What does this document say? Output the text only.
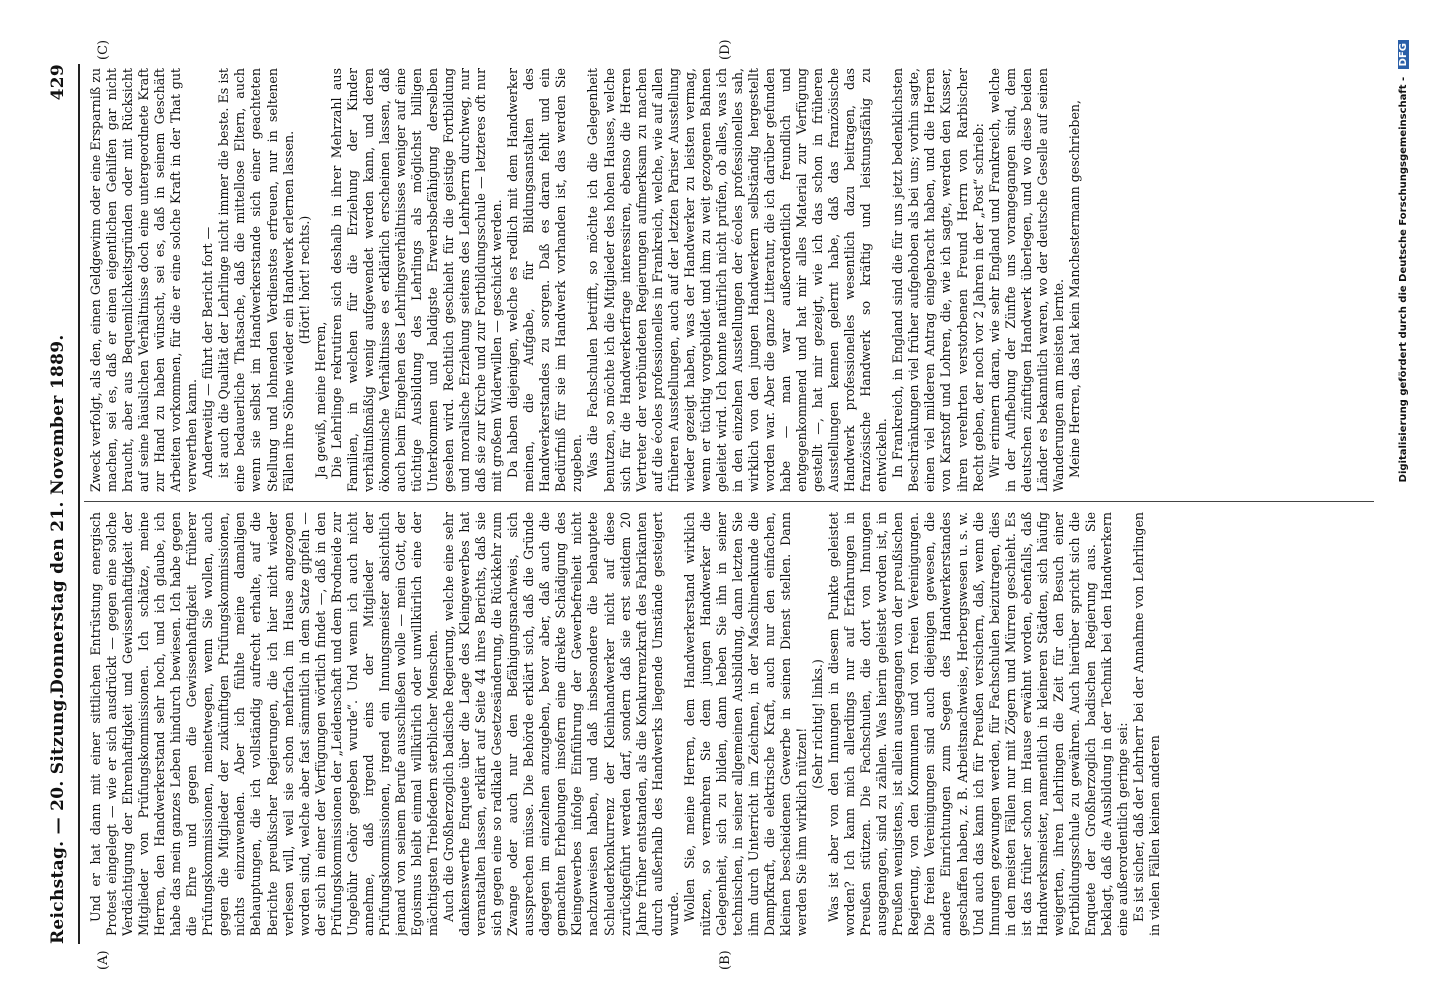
Reichstag. — 20. Sitzung.
Donnerstag den 21. November 1889.
429
(A)	(B)
(C)	(D)

Und er hat dann mit einer sittlichen Entrüstung energisch Protest eingelegt — wie er sich ausdrückt — gegen eine solche Verdächtigung der Ehrenhaftigkeit und Gewissenhaftigkeit der Mitglieder von Prüfungskommissionen. Ich schätze, meine Herren, den Handwerkerstand sehr hoch, und ich glaube, ich habe das mein ganzes Leben hindurch bewiesen. Ich habe gegen die Ehre und gegen die Gewissenhaftigkeit früherer Prüfungskommissionen, meinetwegen, wenn Sie wollen, auch gegen die Mitglieder der zukünftigen Prüfungskommissionen, nichts einzuwenden. Aber ich fühlte meine damaligen Behauptungen, die ich vollständig aufrecht erhalte, auf die Berichte preußischer Regierungen, die ich hier nicht wieder verlesen will, weil sie schon mehrfach im Hause angezogen worden sind, welche aber fast sämmtlich in dem Satze gipfeln — der sich in einer der Verfügungen wörtlich findet —, daß in den Prüfungskommissionen der „Leidenschaft und dem Brodneide zur Ungebühr Gehör gegeben wurde“. Und wenn ich auch nicht annehme, daß irgend eins der Mitglieder der Prüfungskommissionen, irgend ein Innungsmeister absichtlich jemand von seinem Berufe ausschließen wolle — mein Gott, der Egoismus bleibt einmal willkürlich oder unwillkürlich eine der mächtigsten Triebfedern sterblicher Menschen. Auch die Großherzoglich badische Regierung, welche eine sehr dankenswerthe Enquete über die Lage des Kleingewerbes hat veranstalten lassen, erklärt auf Seite 44 ihres Berichts, daß sie sich gegen eine so radikale Gesetzesänderung, die Rückkehr zum Zwange oder auch nur den Befähigungsnachweis, sich aussprechen müsse. Die Behörde erklärt sich, daß die Gründe dagegen im einzelnen anzugeben, bevor aber, daß auch die gemachten Erhebungen insofern eine direkte Schädigung des Kleingewerbes infolge Einführung der Gewerbefreiheit nicht nachzuweisen haben, und daß insbesondere die behauptete Schleuderkonkurrenz der Kleinhandwerker nicht auf diese zurückgeführt werden darf, sondern daß sie erst seitdem 20 Jahre früher entstanden, als die Konkurrenzkraft des Fabrikanten durch außerhalb des Handwerks liegende Umstände gesteigert wurde. Wollen Sie, meine Herren, dem Handwerkerstand wirklich nützen, so vermehren Sie dem jungen Handwerker die Gelegenheit, sich zu bilden, dann heben Sie ihn in seiner technischen, in seiner allgemeinen Ausbildung, dann letzten Sie ihm durch Unterricht im Zeichnen, in der Maschinenkunde die Dampfkraft, die elektrische Kraft, auch nur den einfachen, kleinen bescheidenen Gewerbe in seinen Dienst stellen. Dann werden Sie ihm wirklich nützen!

(Sehr richtig! links.) Was ist aber von den Innungen in diesem Punkte geleistet worden? Ich kann mich allerdings nur auf Erfahrungen in Preußen stützen. Die Fachschulen, die dort von Innungen ausgegangen, sind zu zählen. Was hierin geleistet worden ist, in Preußen wenigstens, ist allein ausgegangen von der preußischen Regierung, von den Kommunen und von freien Vereinigungen. Die freien Vereinigungen sind auch diejenigen gewesen, die andere Einrichtungen zum Segen des Handwerkerstandes geschaffen haben, z. B. Arbeitsnachweise, Herbergswesen u. s. w. Und auch das kann ich für Preußen versichern, daß, wenn die Innungen gezwungen werden, für Fachschulen beizutragen, dies in den meisten Fällen nur mit Zögern und Mürren geschieht. Es ist das früher schon im Hause erwähnt worden, ebenfalls, daß Handwerksmeister, namentlich in kleineren Städten, sich häufig weigerten, ihren Lehrlingen die Zeit für den Besuch einer Fortbildungsschule zu gewähren. Auch hierüber spricht sich die Enquete der Großherzoglich badischen Regierung aus. Sie beklagt, daß die Ausbildung in der Technik bei den Handwerkern eine außerordentlich geringe sei: Es ist sicher, daß der Lehrherr bei der Annahme von Lehrlingen in vielen Fällen keinen anderen

Zweck verfolgt, als den, einen Geldgewinn oder eine Ersparniß zu machen, sei es, daß er einen eigentlichen Gehilfen gar nicht braucht, aber aus Bequemlichkeitsgründen oder mit Rücksicht auf seine häuslichen Verhältnisse doch eine untergeordnete Kraft zur Hand zu haben wünscht, sei es, daß in seinem Geschäft Arbeiten vorkommen, für die er eine solche Kraft in der That gut verwerthen kann. Anderweitig — führt der Bericht fort — ist auch die Qualität der Lehrlinge nicht immer die beste. Es ist eine bedauerliche Thatsache, daß die mittellose Eltern, auch wenn sie selbst im Handwerkerstande sich einer geachteten Stellung und lohnenden Verdienstes erfreuen, nur in seltenen Fällen ihre Söhne wieder ein Handwerk erlernen lassen. (Hört! hört! rechts.)

Ja gewiß, meine Herren, Die Lehrlinge rekrutiren sich deshalb in ihrer Mehrzahl aus Familien, in welchen für die Erziehung der Kinder verhältnißmäßig wenig aufgewendet werden kann, und deren ökonomische Verhältnisse es erklärlich erscheinen lassen, daß auch beim Eingehen des Lehrlingsverhältnisses weniger auf eine tüchtige Ausbildung des Lehrlings als möglichst billigen Unterkommen und baldigste Erwerbsbefähigung derselben gesehen wird. Rechtlich geschieht für die geistige Fortbildung und moralische Erziehung seitens des Lehrherrn durchweg, nur daß sie zur Kirche und zur Fortbildungsschule — letzteres oft nur mit großem Widerwillen — geschickt werden. Da haben diejenigen, welche es redlich mit dem Handwerker meinen, die Aufgabe, für Bildungsanstalten des Handwerkerstandes zu sorgen. Daß es daran fehlt und ein Bedürfniß für sie im Handwerk vorhanden ist, das werden Sie zugeben. Was die Fachschulen betrifft, so möchte ich die Gelegenheit benutzen, so möchte ich die Mitglieder des hohen Hauses, welche sich für die Handwerkerfrage interessiren, ebenso die Herren Vertreter der verbündeten Regierungen aufmerksam zu machen auf die écoles professionelles in Frankreich, welche, wie auf allen früheren Ausstellungen, auch auf der letzten Pariser Ausstellung wieder gezeigt haben, was der Handwerker zu leisten vermag, wenn er tüchtig vorgebildet und ihm zu weit gezogenen Bahnen geleitet wird. Ich konnte natürlich nicht prüfen, ob alles, was ich in den einzelnen Ausstellungen der écoles professionelles sah, wirklich von den jungen Handwerkern selbständig hergestellt worden war. Aber die ganze Litteratur, die ich darüber gefunden habe — man war außerordentlich freundlich und entgegenkommend und hat mir alles Material zur Verfügung gestellt —, hat mir gezeigt, wie ich das schon in früheren Ausstellungen kennen gelernt habe, daß das französische Handwerk professionelles wesentlich dazu beitragen, das französische Handwerk so kräftig und leistungsfähig zu entwickeln. In Frankreich, in England sind die für uns jetzt bedenklichsten Beschränkungen viel früher aufgehoben als bei uns; vorhin sagte, einen viel milderen Antrag eingebracht haben, und die Herren von Karstoff und Lohren, die, wie ich sagte, werden den Kusser, ihren verehrten verstorbenen Freund Herrn von Rarbischer Recht geben, der noch vor 2 Jahren in der „Post“ schrieb: Wir erinnern daran, wie sehr England und Frankreich, welche in der Aufhebung der Zünfte uns vorangegangen sind, dem deutschen zünftigen Handwerk überlegen, und wo diese beiden Länder es bekanntlich waren, wo der deutsche Geselle auf seinen Wanderungen am meisten lernte. Meine Herren, das hat kein Manchestermann geschrieben,	Digitalisierung gefördert durch die Deutsche Forschungsgemeinschaft - DFG
